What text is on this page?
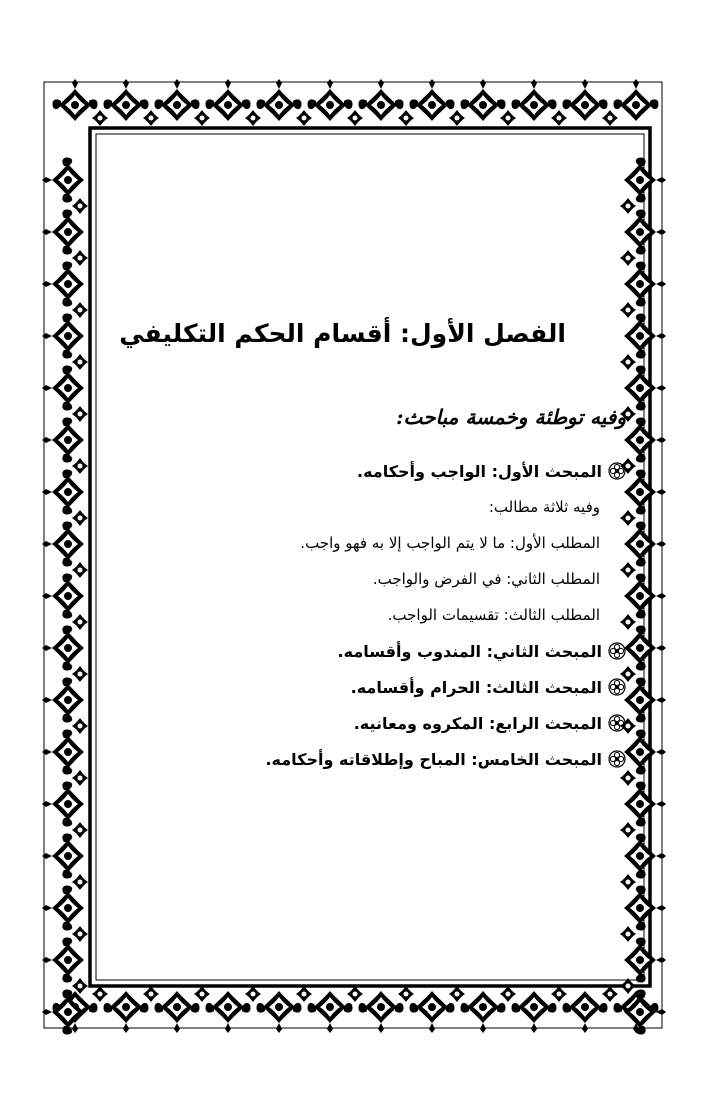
الفصل الأول: أقسام الحكم التكليفي
وفيه توطئة وخمسة مباحث:
المبحث الأول: الواجب وأحكامه.
وفيه ثلاثة مطالب:
المطلب الأول: ما لا يتم الواجب إلا به فهو واجب.
المطلب الثاني: في الفرض والواجب.
المطلب الثالث: تقسيمات الواجب.
المبحث الثاني: المندوب وأقسامه.
المبحث الثالث: الحرام وأقسامه.
المبحث الرابع: المكروه ومعانيه.
المبحث الخامس: المباح وإطلاقاته وأحكامه.
